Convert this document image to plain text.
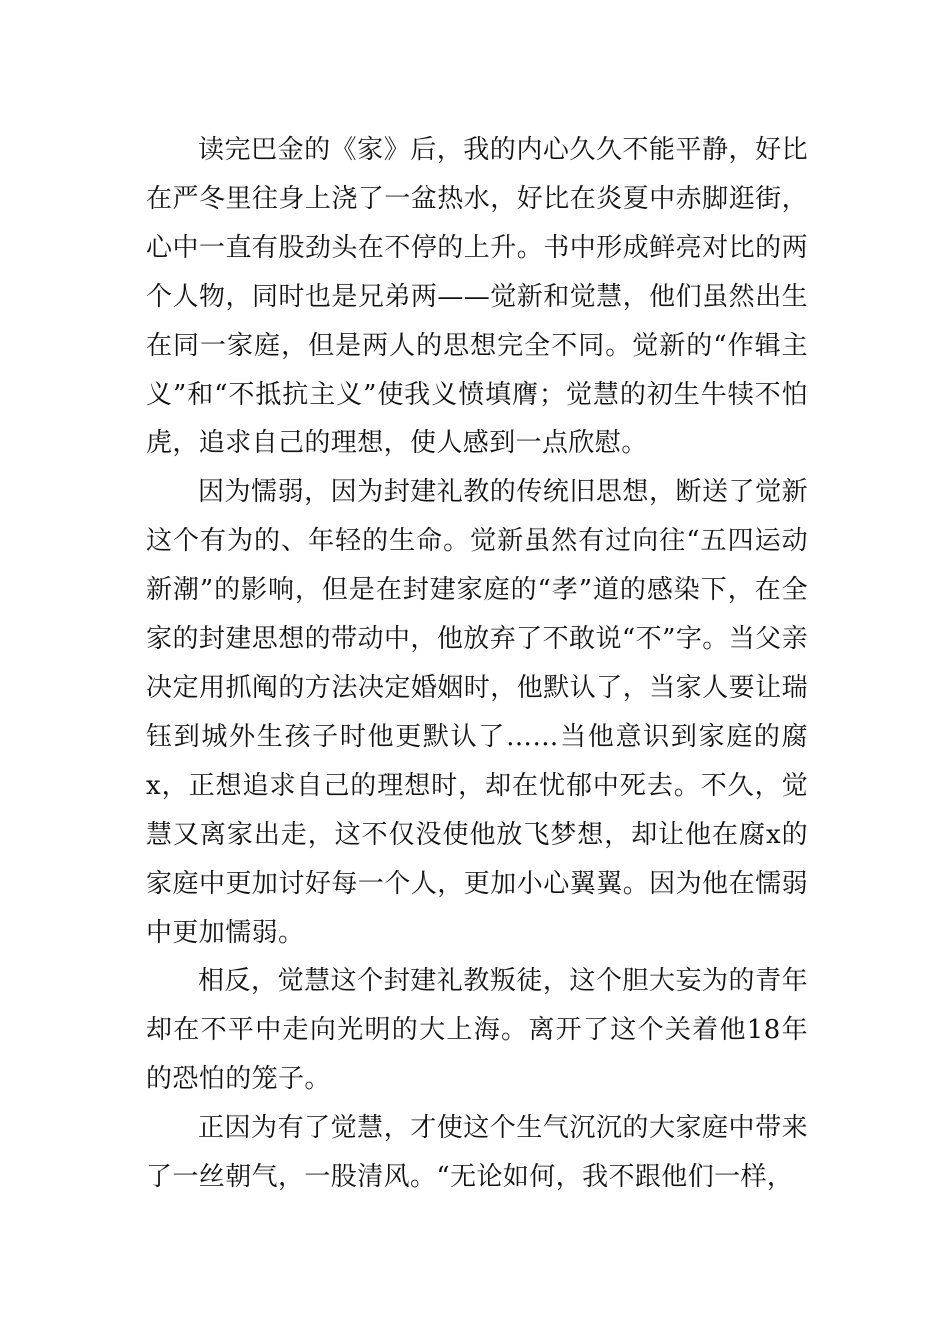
读完巴金的《家》后，我的内心久久不能平静，好比在严冬里往身上浇了一盆热水，好比在炎夏中赤脚逛街，心中一直有股劲头在不停的上升。书中形成鲜亮对比的两个人物，同时也是兄弟两——觉新和觉慧，他们虽然出生在同一家庭，但是两人的思想完全不同。觉新的“作辑主义”和“不抵抗主义”使我义愤填膺；觉慧的初生牛犊不怕虎，追求自己的理想，使人感到一点欣慰。

因为懦弱，因为封建礼教的传统旧思想，断送了觉新这个有为的、年轻的生命。觉新虽然有过向往“五四运动新潮”的影响，但是在封建家庭的“孝”道的感染下，在全家的封建思想的带动中，他放弃了不敢说“不”字。当父亲决定用抓阄的方法决定婚姻时，他默认了，当家人要让瑞钰到城外生孩子时他更默认了……当他意识到家庭的腐x，正想追求自己的理想时，却在忧郁中死去。不久，觉慧又离家出走，这不仅没使他放飞梦想，却让他在腐x的家庭中更加讨好每一个人，更加小心翼翼。因为他在懦弱中更加懦弱。

相反，觉慧这个封建礼教叛徒，这个胆大妄为的青年却在不平中走向光明的大上海。离开了这个关着他18年的恐怕的笼子。

正因为有了觉慧，才使这个生气沉沉的大家庭中带来了一丝朝气，一股清风。“无论如何，我不跟他们一样，
